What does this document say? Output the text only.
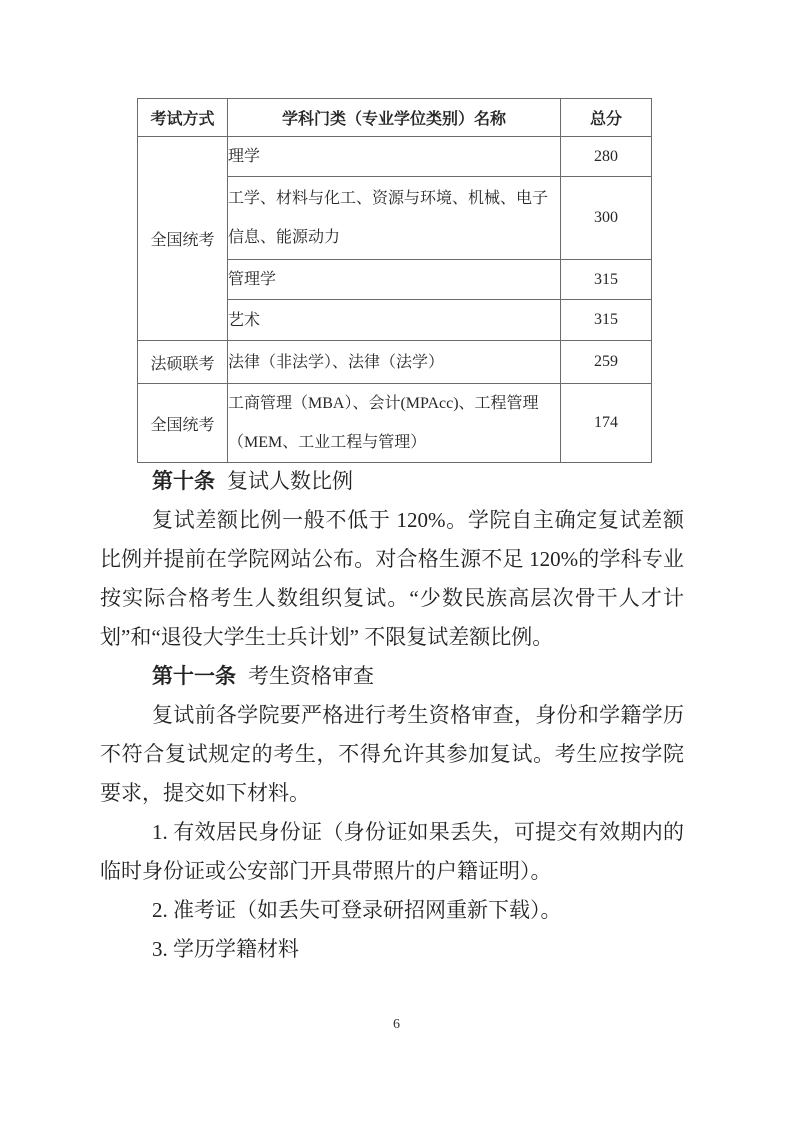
考试方式	学科门类（专业学位类别）名称	总分
全国统考	理学	280
	工学、材料与化工、资源与环境、机械、电子信息、能源动力	300
	管理学	315
	艺术	315
法硕联考	法律（非法学）、法律（法学）	259
全国统考	工商管理（MBA）、会计(MPAcc)、工程管理（MEM、工业工程与管理）	174
第十条 复试人数比例

复试差额比例一般不低于 120%。学院自主确定复试差额比例并提前在学院网站公布。对合格生源不足 120%的学科专业按实际合格考生人数组织复试。“少数民族高层次骨干人才计划”和“退役大学生士兵计划” 不限复试差额比例。

第十一条 考生资格审查

复试前各学院要严格进行考生资格审查，身份和学籍学历不符合复试规定的考生，不得允许其参加复试。考生应按学院要求，提交如下材料。

1. 有效居民身份证（身份证如果丢失，可提交有效期内的临时身份证或公安部门开具带照片的户籍证明）。

2. 准考证（如丢失可登录研招网重新下载）。

3. 学历学籍材料

6
